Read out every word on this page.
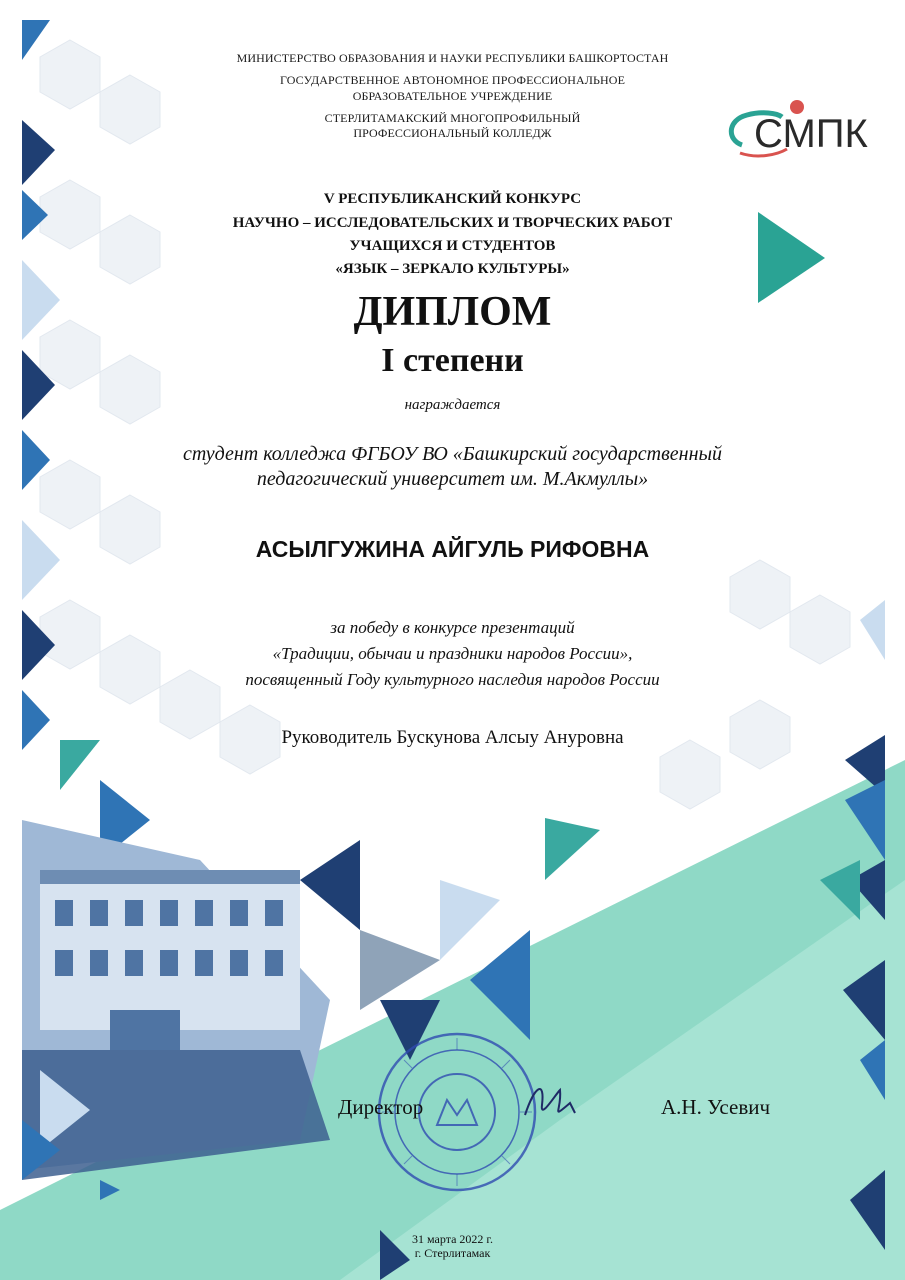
СМПК
МИНИСТЕРСТВО ОБРАЗОВАНИЯ И НАУКИ РЕСПУБЛИКИ БАШКОРТОСТАН
ГОСУДАРСТВЕННОЕ АВТОНОМНОЕ ПРОФЕССИОНАЛЬНОЕ
ОБРАЗОВАТЕЛЬНОЕ УЧРЕЖДЕНИЕ
СТЕРЛИТАМАКСКИЙ МНОГОПРОФИЛЬНЫЙ
ПРОФЕССИОНАЛЬНЫЙ КОЛЛЕДЖ
V РЕСПУБЛИКАНСКИЙ КОНКУРС
НАУЧНО – ИССЛЕДОВАТЕЛЬСКИХ И ТВОРЧЕСКИХ РАБОТ
УЧАЩИХСЯ И СТУДЕНТОВ
«ЯЗЫК – ЗЕРКАЛО КУЛЬТУРЫ»
ДИПЛОМ
I степени
награждается
студент колледжа ФГБОУ ВО «Башкирский государственный
педагогический университет им. М.Акмуллы»
АСЫЛГУЖИНА АЙГУЛЬ РИФОВНА
за победу в конкурсе презентаций
«Традиции, обычаи и праздники народов России»,
посвященный Году культурного наследия народов России
Руководитель Бускунова Алсыу Ануровна
Директор	А.Н. Усевич
31 марта 2022 г.
г. Стерлитамак
